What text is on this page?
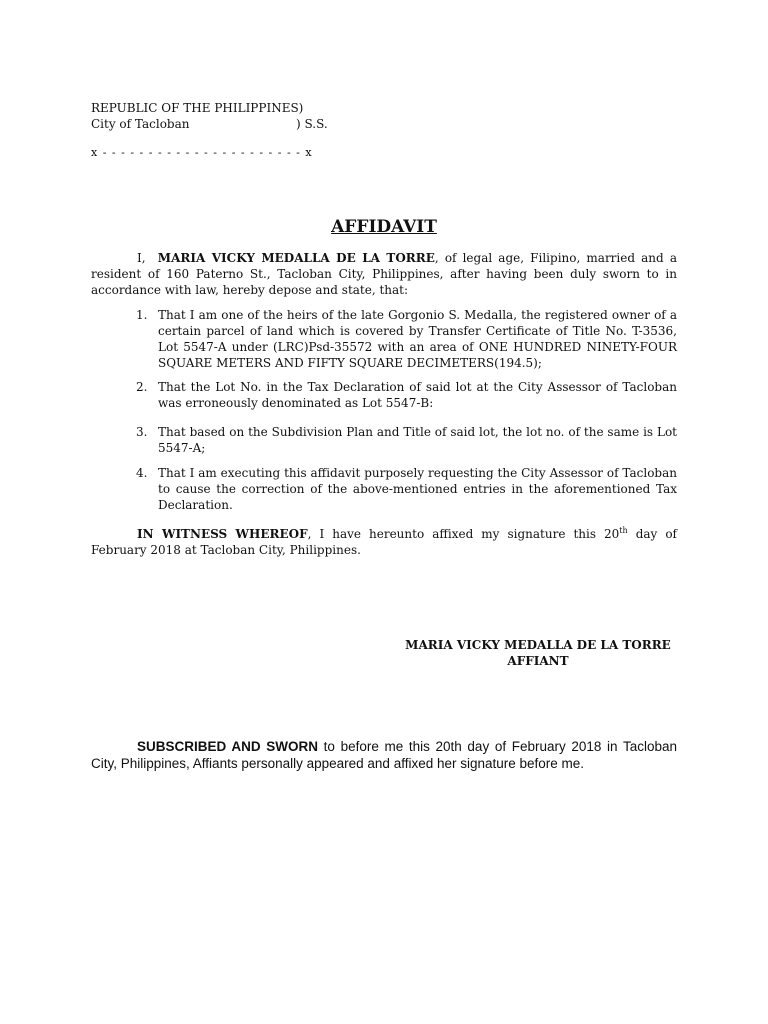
REPUBLIC OF THE PHILIPPINES)
City of Tacloban	) S.S.
x - - - - - - - - - - - - - - - - - - - - - - x
AFFIDAVIT
I, MARIA VICKY MEDALLA DE LA TORRE, of legal age, Filipino, married and a resident of 160 Paterno St., Tacloban City, Philippines, after having been duly sworn to in accordance with law, hereby depose and state, that:
1. That I am one of the heirs of the late Gorgonio S. Medalla, the registered owner of a certain parcel of land which is covered by Transfer Certificate of Title No. T-3536, Lot 5547-A under (LRC)Psd-35572 with an area of ONE HUNDRED NINETY-FOUR SQUARE METERS AND FIFTY SQUARE DECIMETERS(194.5);
2. That the Lot No. in the Tax Declaration of said lot at the City Assessor of Tacloban was erroneously denominated as Lot 5547-B:
3. That based on the Subdivision Plan and Title of said lot, the lot no. of the same is Lot 5547-A;
4. That I am executing this affidavit purposely requesting the City Assessor of Tacloban to cause the correction of the above-mentioned entries in the aforementioned Tax Declaration.
IN WITNESS WHEREOF, I have hereunto affixed my signature this 20th day of February 2018 at Tacloban City, Philippines.
MARIA VICKY MEDALLA DE LA TORRE
AFFIANT
SUBSCRIBED AND SWORN to before me this 20th day of February 2018 in Tacloban City, Philippines, Affiants personally appeared and affixed her signature before me.
